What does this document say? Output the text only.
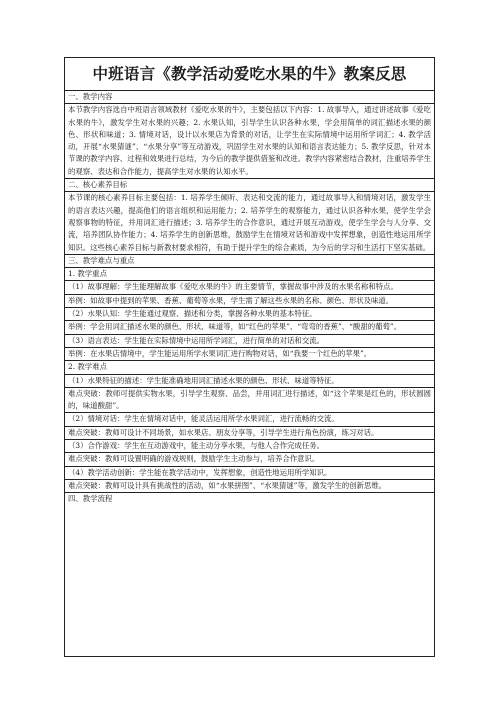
中班语言《教学活动爱吃水果的牛》教案反思
一、教学内容

本节教学内容选自中班语言领域教材《爱吃水果的牛》，主要包括以下内容：1. 故事导入，通过讲述故事《爱吃水果的牛》，激发学生对水果的兴趣；2. 水果认知，引导学生认识各种水果，学会用简单的词汇描述水果的颜色、形状和味道；3. 情境对话，设计以水果店为背景的对话，让学生在实际情境中运用所学词汇；4. 教学活动，开展“水果猜谜”、“水果分享”等互动游戏，巩固学生对水果的认知和语言表达能力；5. 教学反思，针对本节课的教学内容、过程和效果进行总结，为今后的教学提供借鉴和改进。教学内容紧密结合教材，注重培养学生的观察、表达和合作能力，提高学生对水果的认知水平。

二、核心素养目标

本节课的核心素养目标主要包括：1. 培养学生倾听、表达和交流的能力，通过故事导入和情境对话，激发学生的语言表达兴趣，提高他们的语言组织和运用能力；2. 培养学生的观察能力，通过认识各种水果，使学生学会观察事物的特征，并用词汇进行描述；3. 培养学生的合作意识，通过开展互动游戏，使学生学会与人分享、交流，培养团队协作能力；4. 培养学生的创新思维，鼓励学生在情境对话和游戏中发挥想象，创造性地运用所学知识。这些核心素养目标与新教材要求相符，有助于提升学生的综合素质，为今后的学习和生活打下坚实基础。

三、教学难点与重点
1. 教学重点

（1）故事理解：学生能理解故事《爱吃水果的牛》的主要情节，掌握故事中涉及的水果名称和特点。

举例：如故事中提到的苹果、香蕉、葡萄等水果，学生需了解这些水果的名称、颜色、形状及味道。

（2）水果认知：学生能通过观察、描述和分类，掌握各种水果的基本特征。

举例：学会用词汇描述水果的颜色、形状、味道等，如“红色的苹果”、“弯弯的香蕉”、“酸甜的葡萄”。

（3）语言表达：学生能在实际情境中运用所学词汇，进行简单的对话和交流。

举例：在水果店情境中，学生能运用所学水果词汇进行购物对话，如“我要一个红色的苹果”。

2. 教学难点

（1）水果特征的描述：学生能准确地用词汇描述水果的颜色、形状、味道等特征。

难点突破：教师可提供实物水果，引导学生观察、品尝，并用词汇进行描述，如“这个苹果是红色的，形状圆圆的，味道酸甜”。

（2）情境对话：学生在情境对话中，能灵活运用所学水果词汇，进行流畅的交流。

难点突破：教师可设计不同场景，如水果店、朋友分享等，引导学生进行角色扮演，练习对话。

（3）合作游戏：学生在互动游戏中，能主动分享水果，与他人合作完成任务。

难点突破：教师可设置明确的游戏规则，鼓励学生主动参与，培养合作意识。

（4）教学活动创新：学生能在教学活动中，发挥想象，创造性地运用所学知识。

难点突破：教师可设计具有挑战性的活动，如“水果拼图”、“水果猜谜”等，激发学生的创新思维。

四、教学流程
